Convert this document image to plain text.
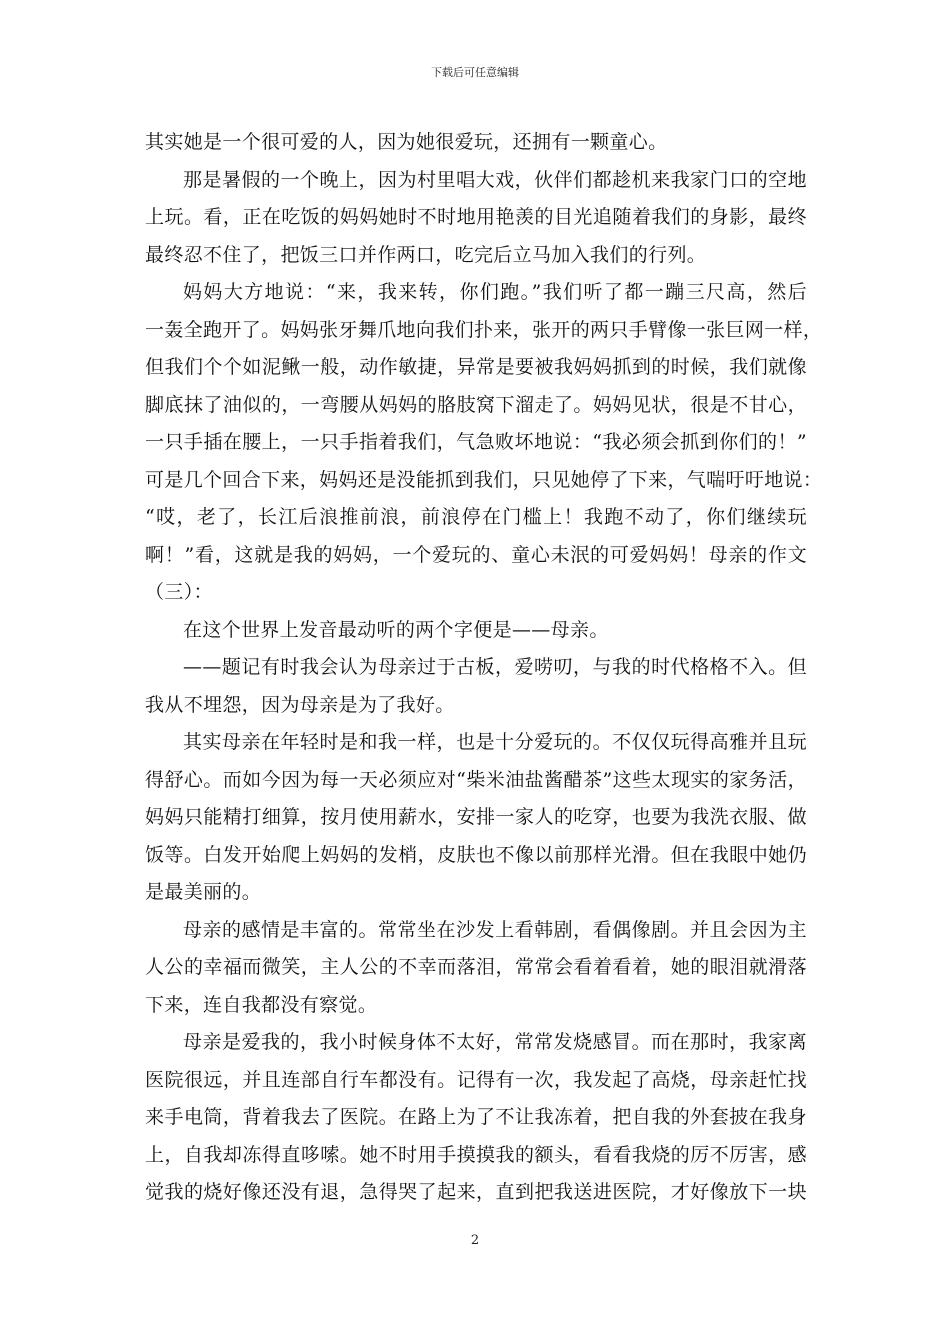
下载后可任意编辑
其实她是一个很可爱的人，因为她很爱玩，还拥有一颗童心。
那是暑假的一个晚上，因为村里唱大戏，伙伴们都趁机来我家门口的空地
上玩。看，正在吃饭的妈妈她时不时地用艳羡的目光追随着我们的身影，最终
最终忍不住了，把饭三口并作两口，吃完后立马加入我们的行列。
妈妈大方地说：“来，我来转，你们跑。”我们听了都一蹦三尺高，然后
一轰全跑开了。妈妈张牙舞爪地向我们扑来，张开的两只手臂像一张巨网一样，
但我们个个如泥鳅一般，动作敏捷，异常是要被我妈妈抓到的时候，我们就像
脚底抹了油似的，一弯腰从妈妈的胳肢窝下溜走了。妈妈见状，很是不甘心，
一只手插在腰上，一只手指着我们，气急败坏地说：“我必须会抓到你们的！”
可是几个回合下来，妈妈还是没能抓到我们，只见她停了下来，气喘吁吁地说：
“哎，老了，长江后浪推前浪，前浪停在门槛上！我跑不动了，你们继续玩
啊！”看，这就是我的妈妈，一个爱玩的、童心未泯的可爱妈妈！母亲的作文
（三）：
在这个世界上发音最动听的两个字便是——母亲。
——题记有时我会认为母亲过于古板，爱唠叨，与我的时代格格不入。但
我从不埋怨，因为母亲是为了我好。
其实母亲在年轻时是和我一样，也是十分爱玩的。不仅仅玩得高雅并且玩
得舒心。而如今因为每一天必须应对“柴米油盐酱醋茶”这些太现实的家务活，
妈妈只能精打细算，按月使用薪水，安排一家人的吃穿，也要为我洗衣服、做
饭等。白发开始爬上妈妈的发梢，皮肤也不像以前那样光滑。但在我眼中她仍
是最美丽的。
母亲的感情是丰富的。常常坐在沙发上看韩剧，看偶像剧。并且会因为主
人公的幸福而微笑，主人公的不幸而落泪，常常会看着看着，她的眼泪就滑落
下来，连自我都没有察觉。
母亲是爱我的，我小时候身体不太好，常常发烧感冒。而在那时，我家离
医院很远，并且连部自行车都没有。记得有一次，我发起了高烧，母亲赶忙找
来手电筒，背着我去了医院。在路上为了不让我冻着，把自我的外套披在我身
上，自我却冻得直哆嗦。她不时用手摸摸我的额头，看看我烧的厉不厉害，感
觉我的烧好像还没有退，急得哭了起来，直到把我送进医院，才好像放下一块
2
